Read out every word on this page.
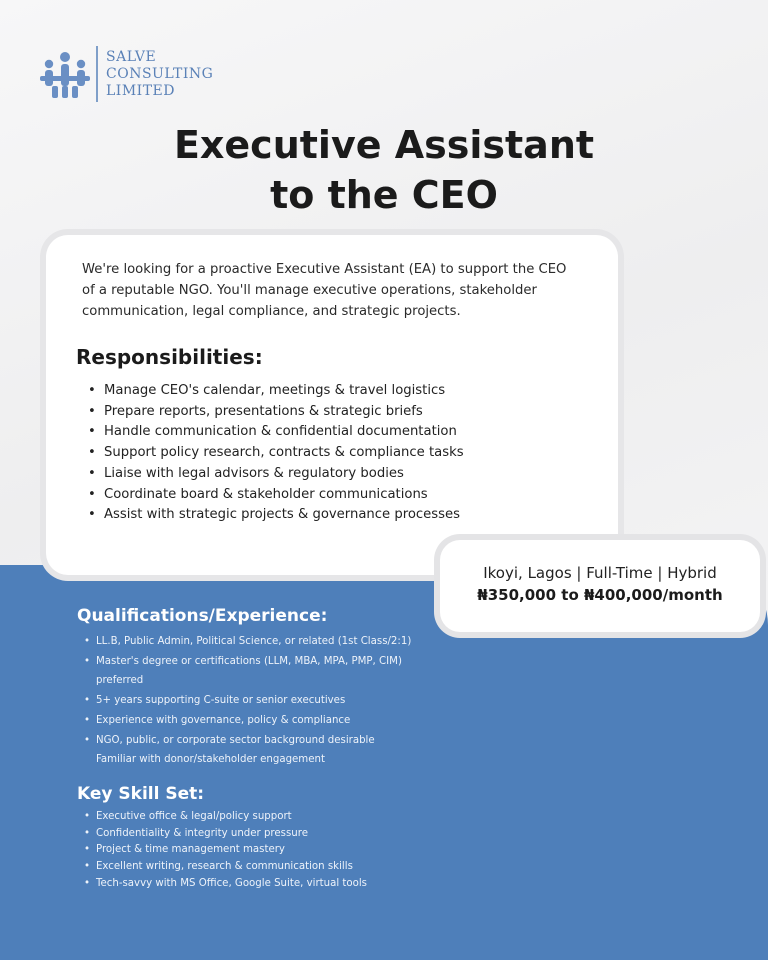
SALVE
CONSULTING
LIMITED
Executive Assistant
to the CEO
We're looking for a proactive Executive Assistant (EA) to support the CEO of a reputable NGO. You'll manage executive operations, stakeholder communication, legal compliance, and strategic projects.
Responsibilities:
• Manage CEO's calendar, meetings & travel logistics
• Prepare reports, presentations & strategic briefs
• Handle communication & confidential documentation
• Support policy research, contracts & compliance tasks
• Liaise with legal advisors & regulatory bodies
• Coordinate board & stakeholder communications
• Assist with strategic projects & governance processes
Ikoyi, Lagos | Full-Time | Hybrid
₦350,000 to ₦400,000/month
Qualifications/Experience:
• LL.B, Public Admin, Political Science, or related (1st Class/2:1)
• Master's degree or certifications (LLM, MBA, MPA, PMP, CIM)
preferred
• 5+ years supporting C-suite or senior executives
• Experience with governance, policy & compliance
• NGO, public, or corporate sector background desirable
Familiar with donor/stakeholder engagement
Key Skill Set:
• Executive office & legal/policy support
• Confidentiality & integrity under pressure
• Project & time management mastery
• Excellent writing, research & communication skills
• Tech-savvy with MS Office, Google Suite, virtual tools
